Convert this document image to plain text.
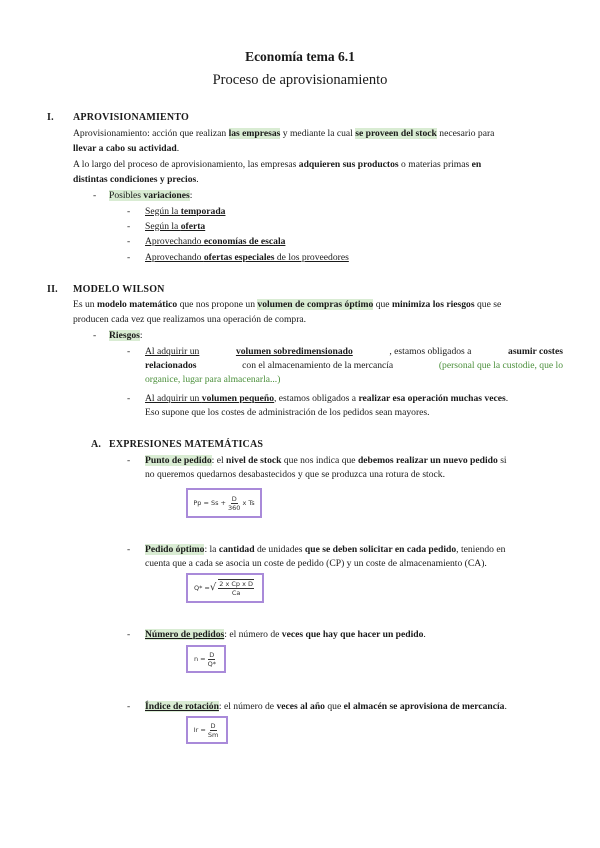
Economía tema 6.1
Proceso de aprovisionamiento
I.	APROVISIONAMIENTO
Aprovisionamiento: acción que realizan las empresas y mediante la cual se proveen del stock necesario para
llevar a cabo su actividad.
A lo largo del proceso de aprovisionamiento, las empresas adquieren sus productos o materias primas en
distintas condiciones y precios.
-	Posibles variaciones:
-	Según la temporada
-	Según la oferta
-	Aprovechando economías de escala
-	Aprovechando ofertas especiales de los proveedores
II.	MODELO WILSON
Es un modelo matemático que nos propone un volumen de compras óptimo que minimiza los riesgos que se
producen cada vez que realizamos una operación de compra.
-	Riesgos:
-	Al adquirir un	volumen sobredimensionado	, estamos obligados a	asumir costes
relacionados	con el almacenamiento de la mercancía	(personal que la custodie, que lo
organice, lugar para almacenarla...)
-	Al adquirir un volumen pequeño, estamos obligados a realizar esa operación muchas veces.
Eso supone que los costes de administración de los pedidos sean mayores.
A. EXPRESIONES MATEMÁTICAS
-	Punto de pedido: el nivel de stock que nos indica que debemos realizar un nuevo pedido si
no queremos quedarnos desabastecidos y que se produzca una rotura de stock.
$Pp = Ss + \frac{D}{360}$ x Ts
-	Pedido óptimo: la cantidad de unidades que se deben solicitar en cada pedido, teniendo en
cuenta que a cada se asocia un coste de pedido (CP) y un coste de almacenamiento (CA).
Q* = √ $\frac{\text{2 x Cp x D}}{Ca}$
-	Número de pedidos: el número de veces que hay que hacer un pedido.
$n = \frac{D}{Q*}$
-	Índice de rotación: el número de veces al año que el almacén se aprovisiona de mercancía.
$Ir = \frac{D}{Sm}$
